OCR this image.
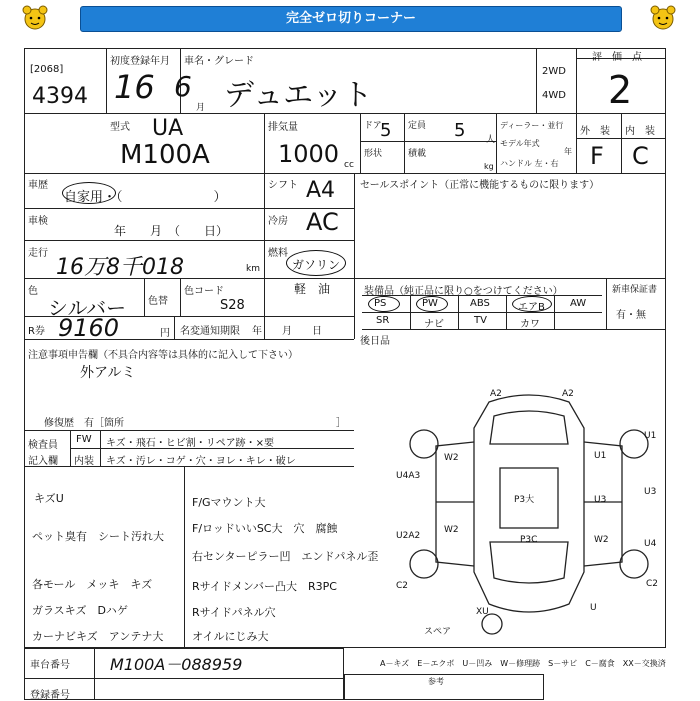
完全ゼロ切りコーナー
[2068]
4394
初度登録年月
16 6
月
車名・グレード
デュエット
2WD
4WD
評　価　点
2
型式 UA
M100A
排気量
1000 cc
ドア
5 定員 5 人
形状	積載
kg
ディーラー・並行
モデル年式
ハンドル 左・右
年
外　装 内　装
F C
車歴
自家用・（　　　　　　　）
シフト A4
車検
年　　月　（　　日）
冷房 AC
走行
16万8千018	km
燃料
ガソリン
軽　油
色
シルバー 色替
色コード
S28
R券 9160	円 名変通知期限 年　　月　　日
セールスポイント（正常に機能するものに限ります）
装備品（純正品に限り○をつけてください）	新車保証書
有・無
PS	PW	ABS	エアB	AW
SR	ナビ	TV	カワ
後日品
注意事項申告欄（不具合内容等は具体的に記入して下さい）
外アルミ
修復歴　有［箇所	］
検査員
記入欄
FW キズ・飛石・ヒビ割・リペア跡・×要
内装 キズ・汚レ・コゲ・穴・ヨレ・キレ・破レ
キズU
ペット臭有　シート汚れ大
各モール　メッキ　キズ
ガラスキズ　Dハゲ
カーナビキズ　アンテナ大
F/Gマウント大
F/ロッドいいSC大　穴　腐蝕
右センターピラー凹　エンドパネル歪
Rサイドメンバー凸大　R3PC
Rサイドパネル穴
オイルにじみ大
A2	A2
U1
W2	U1
U3
U4A3
P3大	U3
W2
U2A2	P3C	W2	U4
C2	C2
XU	U
スペア
A－キズ　E－エクボ　U－凹み　W－修理跡　S－サビ　C－腐食　XX－交換済
車台番号	M100A－088959
登録番号
参考
